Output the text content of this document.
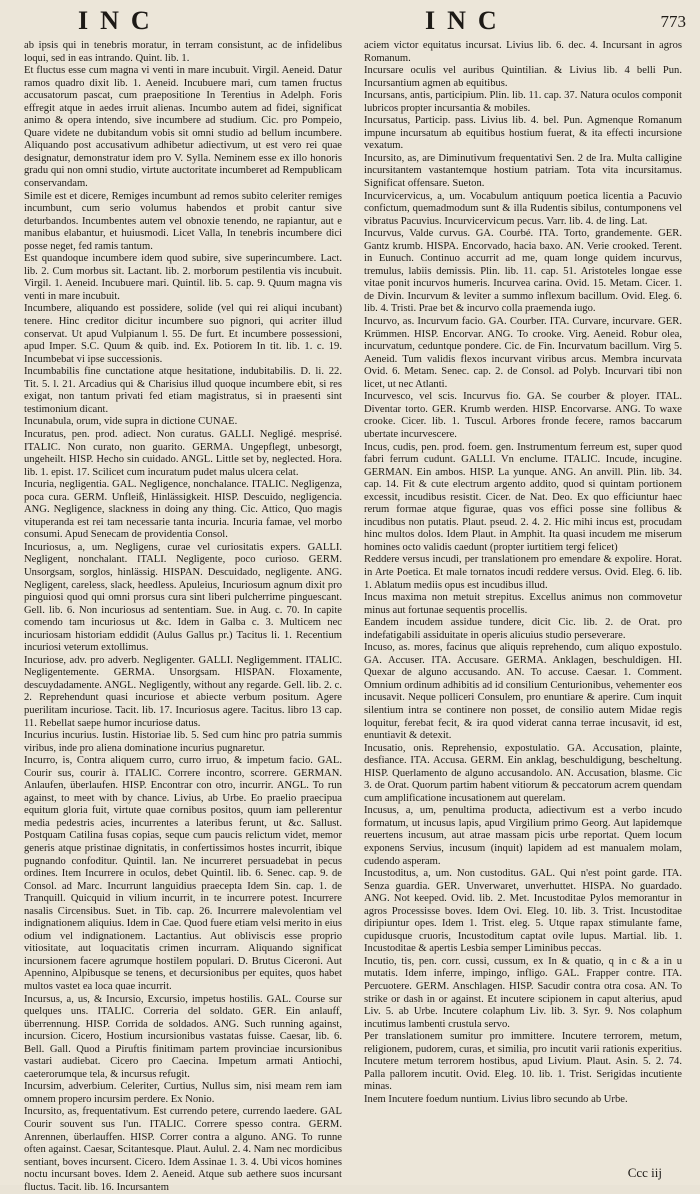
INC	INC	773

ab ipsis qui in tenebris moratur, in terram consistunt, ac de infidelibus loqui, sed in eas intrando. Quint. lib. 1.

Et fluctus esse cum magna vi venti in mare incubuit. Virgil. Aeneid. Datur ramos quadro dixit lib. 1. Aeneid. Incubuere mari, cum tamen fructus accusatorum pascat, cum praepositione In Terentius in Adelph. Foris effregit atque in aedes irruit alienas. Incumbo autem ad fidei, significat animo & opera intendo, sive incumbere ad studium. Cic. pro Pompeio, Quare videte ne dubitandum vobis sit omni studio ad bellum incumbere. Aliquando post accusativum adhibetur adiectivum, ut est vero rei quae designatur, demonstratur idem pro V. Sylla. Neminem esse ex illo honoris gradu qui non omni studio, virtute auctoritate incumberet ad Rempublicam conservandam.

Simile est et dicere, Remiges incumbunt ad remos subito celeriter remiges incumbunt, cum serio volumus habendos et probit cantur sive deturbandos. Incumbentes autem vel obnoxie tenendo, ne rapiantur, aut e manibus elabantur, et huiusmodi. Licet Valla, In tenebris incumbere dici posse neget, fed ramis tantum.

Est quandoque incumbere idem quod subire, sive superincumbere. Lact. lib. 2. Cum morbus sit. Lactant. lib. 2. morborum pestilentia vis incubuit. Virgil. 1. Aeneid. Incubuere mari. Quintil. lib. 5. cap. 9. Quum magna vis venti in mare incubuit.

Incumbere, aliquando est possidere, solide (vel qui rei aliqui incubant) tenere. Hinc creditor dicitur incumbere suo pignori, qui acriter illud conservat. Ut apud Vulpianum l. 55. De furt. Et incumbere possessioni, apud Imper. S.C. Quum & quib. ind. Ex. Potiorem In tit. lib. 1. c. 19. Incumbebat vi ipse successionis.

Incumbabilis fine cunctatione atque hesitatione, indubitabilis. D. li. 22. Tit. 5. l. 21. Arcadius qui & Charisius illud quoque incumbere ebit, si res exigat, non tantum privati fed etiam magistratus, si in praesenti sint testimonium dicant.

Incunabula, orum, vide supra in dictione CUNAE.

Incuratus, pen. prod. adiect. Non curatus. GALLI. Negligé. mesprisé. ITALIC. Non curato, non guarito. GERMA. Ungepflegt, unbesorgt, ungeheilt. HISP. Hecho sin cuidado. ANGL. Little set by, neglected. Hora. lib. 1. epist. 17. Scilicet cum incuratum pudet malus ulcera celat.

Incuria, negligentia. GAL. Negligence, nonchalance. ITALIC. Negligenza, poca cura. GERM. Unfleiß, Hinlässigkeit. HISP. Descuido, negligencia. ANG. Negligence, slackness in doing any thing. Cic. Attico, Quo magis vituperanda est rei tam necessarie tanta incuria. Incuria famae, vel morbo consumi. Apud Senecam de providentia Consol.

Incuriosus, a, um. Negligens, curae vel curiositatis expers. GALLI. Negligent, nonchalant. ITALI. Negligente, poco curioso. GERM. Unsorgsam, sorglos, hinlässig. HISPAN. Descuidado, negligente. ANG. Negligent, careless, slack, heedless. Apuleius, Incuriosum agnum dixit pro pinguiosi quod qui omni prorsus cura sint liberi pulcherrime pinguescant. Gell. lib. 6. Non incuriosus ad sententiam. Sue. in Aug. c. 70. In capite comendo tam incuriosus ut &c. Idem in Galba c. 3. Multicem nec incuriosam historiam eddidit (Aulus Gallus pr.) Tacitus li. 1. Recentium incuriosi veterum extollimus.

Incuriose, adv. pro adverb. Negligenter. GALLI. Negligemment. ITALIC. Negligentemente. GERMA. Unsorgsam. HISPAN. Floxamente, descuydadamente. ANGL. Negligently, without any regarde. Gell. lib. 2. c. 2. Reprehendunt quasi incuriose et abiecte verbum positum. Agere puerilitam incuriose. Tacit. lib. 17. Incuriosus agere. Tacitus. libro 13 cap. 11. Rebellat saepe humor incuriose datus.

Incurius incurius. Iustin. Historiae lib. 5. Sed cum hinc pro patria summis viribus, inde pro aliena dominatione incurius pugnaretur.

Incurro, is, Contra aliquem curro, curro irruo, & impetum facio. GAL. Courir sus, courir à. ITALIC. Correre incontro, scorrere. GERMAN. Anlaufen, überlaufen. HISP. Encontrar con otro, incurrir. ANGL. To run against, to meet with by chance. Livius, ab Urbe. Eo praelio praecipua equitum gloria fuit, virtute quae cornibus positos, quum iam pellerentur media pedestris acies, incurrentes a lateribus ferunt, ut &c. Sallust. Postquam Catilina fusas copias, seque cum paucis relictum videt, memor generis atque pristinae dignitatis, in confertissimos hostes incurrit, ibique pugnando confoditur. Quintil. lan. Ne incurreret persuadebat in pecus ordines. Item Incurrere in oculos, debet Quintil. lib. 6. Senec. cap. 9. de Consol. ad Marc. Incurrunt languidius praecepta Idem Sin. cap. 1. de Tranquill. Quicquid in vilium incurrit, in te incurrere potest. Incurrere nasalis Circensibus. Suet. in Tib. cap. 26. Incurrere malevolentiam vel indignationem aliquius. Idem in Cae. Quod fuere etiam velsi merito in eius odium vel indignationem. Lactantius. Aut obliviscis esse proprio vitiositate, aut loquacitatis crimen incurram. Aliquando significat incursionem facere agrumque hostilem populari. D. Brutus Ciceroni. Aut Apennino, Alpibusque se tenens, et decursionibus per equites, quos habet multos vastet ea loca quae incurrit.

Incursus, a, us, & Incursio, Excursio, impetus hostilis. GAL. Course sur quelques uns. ITALIC. Correria del soldato. GER. Ein anlauff, überrennung. HISP. Corrida de soldados. ANG. Such running against, incursion. Cicero, Hostium incursionibus vastatas fuisse. Caesar, lib. 6. Bell. Gall. Quod a Piruftis finitimam partem provinciae incursionibus vastari audiebat. Cicero pro Caecina. Impetum armati Antiochi, caeterorumque tela, & incursus refugit.

Incursim, adverbium. Celeriter, Curtius, Nullus sim, nisi meam rem iam omnem propero incursim perdere. Ex Nonio.

Incursito, as, frequentativum. Est currendo petere, currendo laedere. GAL Courir souvent sus l'un. ITALIC. Correre spesso contra. GERM. Anrennen, überlauffen. HISP. Correr contra a alguno. ANG. To runne often against. Caesar, Scitantesque. Plaut. Aulul. 2. 4. Nam nec mordicibus sentiant, boves incursent. Cicero. Idem Assinae 1. 3. 4. Ubi vicos homines noctu incursant boves. Idem 2. Aeneid. Atque sub aethere suos incursant fluctus. Tacit. lib. 16. Incursantem

aciem victor equitatus incursat. Livius lib. 6. dec. 4. Incursant in agros Romanum.

Incursare oculis vel auribus Quintilian. & Livius lib. 4 belli Pun. Incursantium agmen ab equitibus.

Incursans, antis, participium. Plin. lib. 11. cap. 37. Natura oculos componit lubricos propter incursantia & mobiles.

Incursatus, Particip. pass. Livius lib. 4. bel. Pun. Agmenque Romanum impune incursatum ab equitibus hostium fuerat, & ita effecti incursione vexatum.

Incursito, as, are Diminutivum frequentativi Sen. 2 de Ira. Multa calligine incursitantem vastantemque hostium patriam. Tota vita incursitamus. Significat offensare. Sueton.

Incurvicervicus, a, um. Vocabulum antiquum poetica licentia a Pacuvio confictum, quemadmodum sunt & illa Rudentis sibilus, contumponens vel vibratus Pacuvius. Incurvicervicum pecus. Varr. lib. 4. de ling. Lat.

Incurvus, Valde curvus. GA. Courbé. ITA. Torto, grandemente. GER. Gantz krumb. HISPA. Encorvado, hacia baxo. AN. Verie crooked. Terent. in Eunuch. Continuo accurrit ad me, quam longe quidem incurvus, tremulus, labiis demissis. Plin. lib. 11. cap. 51. Aristoteles longae esse vitae ponit incurvos humeris. Incurvea carina. Ovid. 15. Metam. Cicer. 1. de Divin. Incurvum & leviter a summo inflexum bacillum. Ovid. Eleg. 6. lib. 4. Tristi. Prae bet & incurvo colla praemenda iugo.

Incurvo, as. Incurvum facio. GA. Courber. ITA. Curvare, incurvare. GER. Krümmen. HISP. Encorvar. ANG. To crooke. Virg. Aeneid. Robur olea, incurvatum, ceduntque pondere. Cic. de Fin. Incurvatum bacillum. Virg 5. Aeneid. Tum validis flexos incurvant viribus arcus. Membra incurvata Ovid. 6. Metam. Senec. cap. 2. de Consol. ad Polyb. Incurvari tibi non licet, ut nec Atlanti.

Incurvesco, vel scis. Incurvus fio. GA. Se courber & ployer. ITAL. Diventar torto. GER. Krumb werden. HISP. Encorvarse. ANG. To waxe crooke. Cicer. lib. 1. Tuscul. Arbores fronde fecere, ramos baccarum ubertate incurvescere.

Incus, cudis, pen. prod. foem. gen. Instrumentum ferreum est, super quod fabri ferrum cudunt. GALLI. Vn enclume. ITALIC. Incude, incugine. GERMAN. Ein ambos. HISP. La yunque. ANG. An anvill. Plin. lib. 34. cap. 14. Fit & cute electrum argento addito, quod si quintam portionem excessit, incudibus resistit. Cicer. de Nat. Deo. Ex quo efficiuntur haec rerum formae atque figurae, quas vos effici posse sine follibus & incudibus non putatis. Plaut. pseud. 2. 4. 2. Hic mihi incus est, procudam hinc multos dolos. Idem Plaut. in Amphit. Ita quasi incudem me miserum homines octo validis caedunt (propter iurtitiem tergi felicet)

Reddere versus incudi, per translationem pro emendare & expolire. Horat. in Arte Poetica. Et male tornatos incudi reddere versus. Ovid. Eleg. 6. lib. 1. Ablatum mediis opus est incudibus illud.

Incus maxima non metuit strepitus. Excellus animus non commovetur minus aut fortunae sequentis procellis.

Eandem incudem assidue tundere, dicit Cic. lib. 2. de Orat. pro indefatigabili assiduitate in operis alicuius studio perseverare.

Incuso, as. mores, facinus que aliquis reprehendo, cum aliquo expostulo. GA. Accuser. ITA. Accusare. GERMA. Anklagen, beschuldigen. HI. Quexar de alguno accusando. AN. To accuse. Caesar. 1. Comment. Omnium ordinum adhibitis ad id consilium Centurionibus, vehementer eos incusavit. Neque polliceri Consulem, pro enuntiare & aperire. Cum inquit silentium intra se continere non posset, de consilio autem Midae regis loquitur, ferebat fecit, & ira quod viderat canna terrae incusavit, id est, enuntiavit & detexit.

Incusatio, onis. Reprehensio, expostulatio. GA. Accusation, plainte, desfiance. ITA. Accusa. GERM. Ein anklag, beschuldigung, bescheltung. HISP. Querlamento de alguno accusandolo. AN. Accusation, blasme. Cic 3. de Orat. Quorum partim habent vitiorum & peccatorum acrem quendam cum amplificatione incusationem aut querelam.

Incusus, a, um, penultima producta, adiectivum est a verbo incudo formatum, ut incusus lapis, apud Virgilium primo Georg. Aut lapidemque reuertens incusum, aut atrae massam picis urbe reportat. Quem locum exponens Servius, incusum (inquit) lapidem ad est manualem molam, cudendo asperam.

Incustoditus, a, um. Non custoditus. GAL. Qui n'est point garde. ITA. Senza guardia. GER. Unverwaret, unverhuttet. HISPA. No guardado. ANG. Not keeped. Ovid. lib. 2. Met. Incustoditae Pylos memorantur in agros Processisse boves. Idem Ovi. Eleg. 10. lib. 3. Trist. Incustoditae diripiuntur opes. Idem 1. Trist. eleg. 5. Utque rapax stimulante fame, cupidusque cruoris, Incustoditum captat ovile lupus. Martial. lib. 1. Incustoditae & apertis Lesbia semper Liminibus peccas.

Incutio, tis, pen. corr. cussi, cussum, ex In & quatio, q in c & a in u mutatis. Idem inferre, impingo, infligo. GAL. Frapper contre. ITA. Percuotere. GERM. Anschlagen. HISP. Sacudir contra otra cosa. AN. To strike or dash in or against. Et incutere scipionem in caput alterius, apud Liv. 5. ab Urbe. Incutere colaphum Liv. lib. 3. Syr. 9. Nos colaphum incutimus lambenti crustula servo.

Per translationem sumitur pro immittere. Incutere terrorem, metum, religionem, pudorem, curas, et similia, pro incutit varii rationis experitius. Incutere metum terrorem hostibus, apud Livium. Plaut. Asin. 5. 2. 74. Palla pallorem incutit. Ovid. Eleg. 10. lib. 1. Trist. Serigidas incutiente minas.

Inem Incutere foedum nuntium. Livius libro secundo ab Urbe.

Ccc iij
